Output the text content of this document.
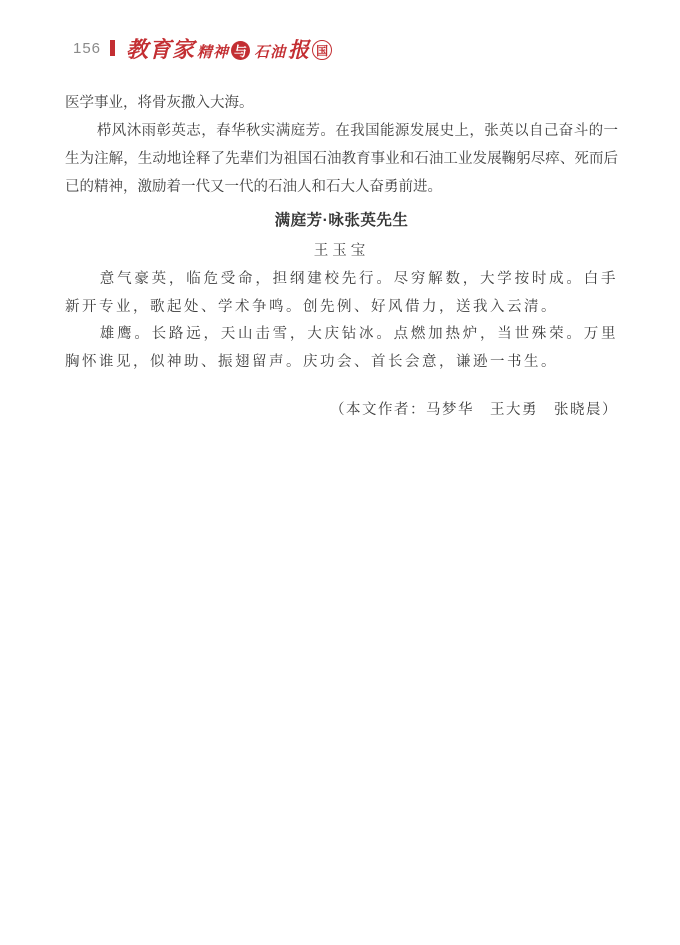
156 教育家 精神 与 石油 报 国

医学事业，将骨灰撒入大海。

栉风沐雨彰英志，春华秋实满庭芳。在我国能源发展史上，张英以自己奋斗的一生为注解，生动地诠释了先辈们为祖国石油教育事业和石油工业发展鞠躬尽瘁、死而后已的精神，激励着一代又一代的石油人和石大人奋勇前进。

满庭芳·咏张英先生

王玉宝

意气豪英，临危受命，担纲建校先行。尽穷解数，大学按时成。白手新开专业，歌起处、学术争鸣。创先例、好风借力，送我入云清。

雄鹰。长路远，天山击雪，大庆钻冰。点燃加热炉，当世殊荣。万里胸怀谁见，似神助、振翅留声。庆功会、首长会意，谦逊一书生。

（本文作者：马梦华　王大勇　张晓晨）
